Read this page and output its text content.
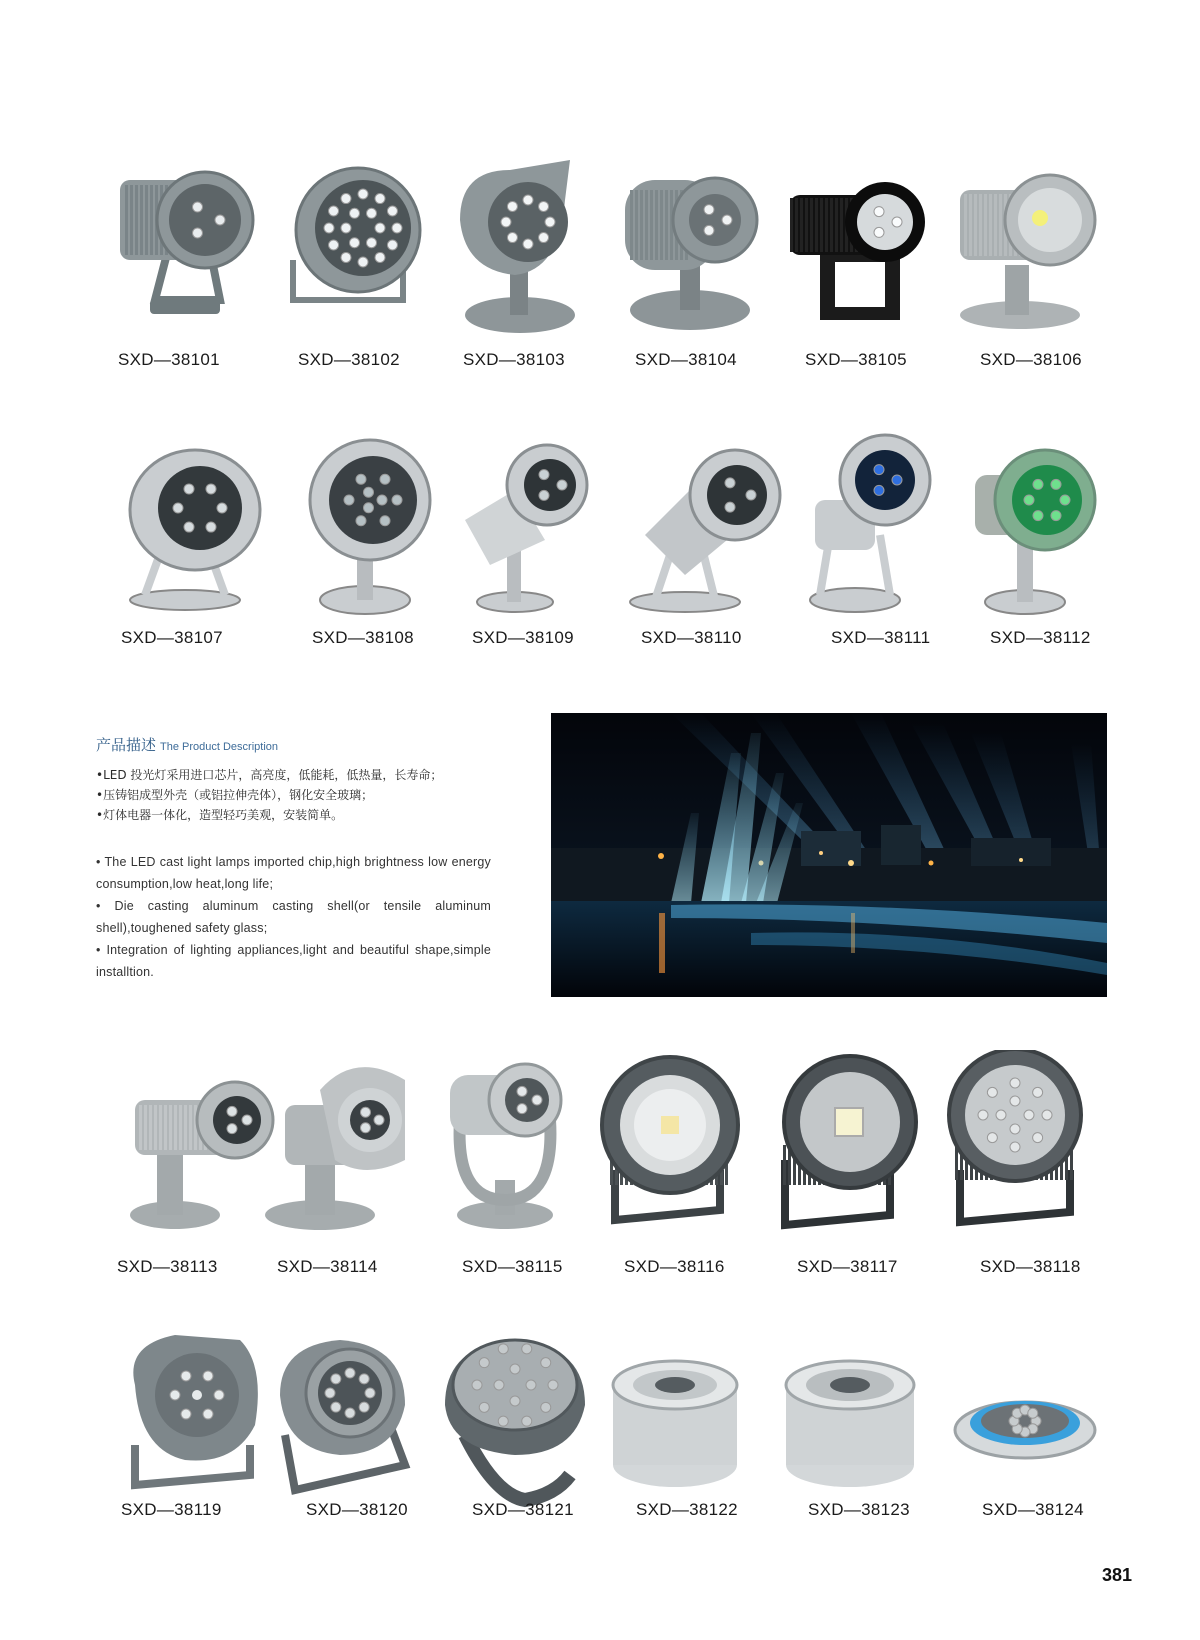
SXD—38101	SXD—38102	SXD—38103	SXD—38104	SXD—38105	SXD—38106
SXD—38107	SXD—38108	SXD—38109	SXD—38110	SXD—38111	SXD—38112
SXD—38113	SXD—38114	SXD—38115	SXD—38116	SXD—38117	SXD—38118
SXD—38119	SXD—38120	SXD—38121	SXD—38122	SXD—38123	SXD—38124
产品描述 The Product Description
•LED 投光灯采用进口芯片，高亮度，低能耗，低热量，长寿命；
•压铸铝成型外壳（或铝拉伸壳体），钢化安全玻璃；
•灯体电器一体化，造型轻巧美观，安装简单。
• The LED cast light lamps imported chip,high brightness low energy consumption,low heat,long life;
• Die casting aluminum casting shell(or tensile aluminum shell),toughened safety glass;
• Integration of lighting appliances,light and beautiful shape,simple installtion.
381
